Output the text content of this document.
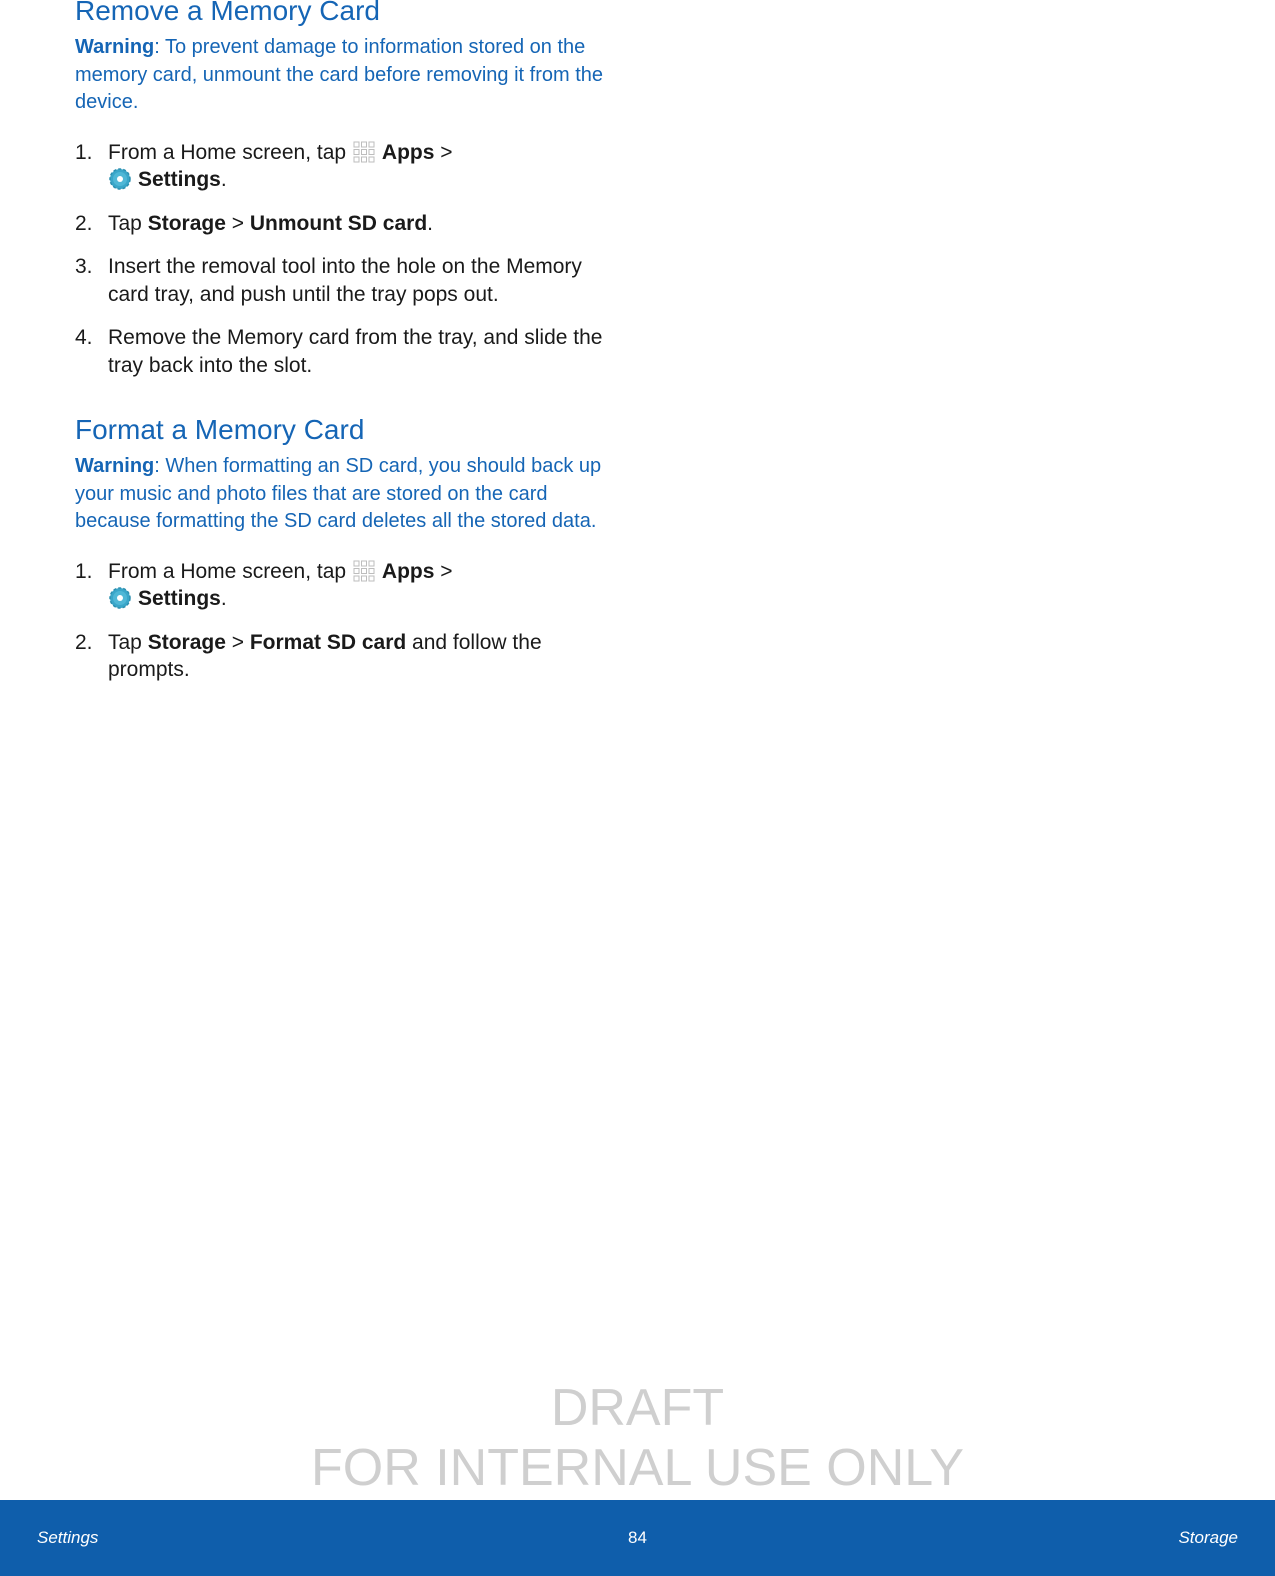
Remove a Memory Card

Warning: To prevent damage to information stored on the memory card, unmount the card before removing it from the device.

1. From a Home screen, tap Apps >
Settings.
2. Tap Storage > Unmount SD card.
3. Insert the removal tool into the hole on the Memory card tray, and push until the tray pops out.
4. Remove the Memory card from the tray, and slide the tray back into the slot.
Format a Memory Card

Warning: When formatting an SD card, you should back up your music and photo files that are stored on the card because formatting the SD card deletes all the stored data.

1. From a Home screen, tap Apps >
Settings.
2. Tap Storage > Format SD card and follow the prompts.
DRAFT
FOR INTERNAL USE ONLY
Settings	84	Storage
